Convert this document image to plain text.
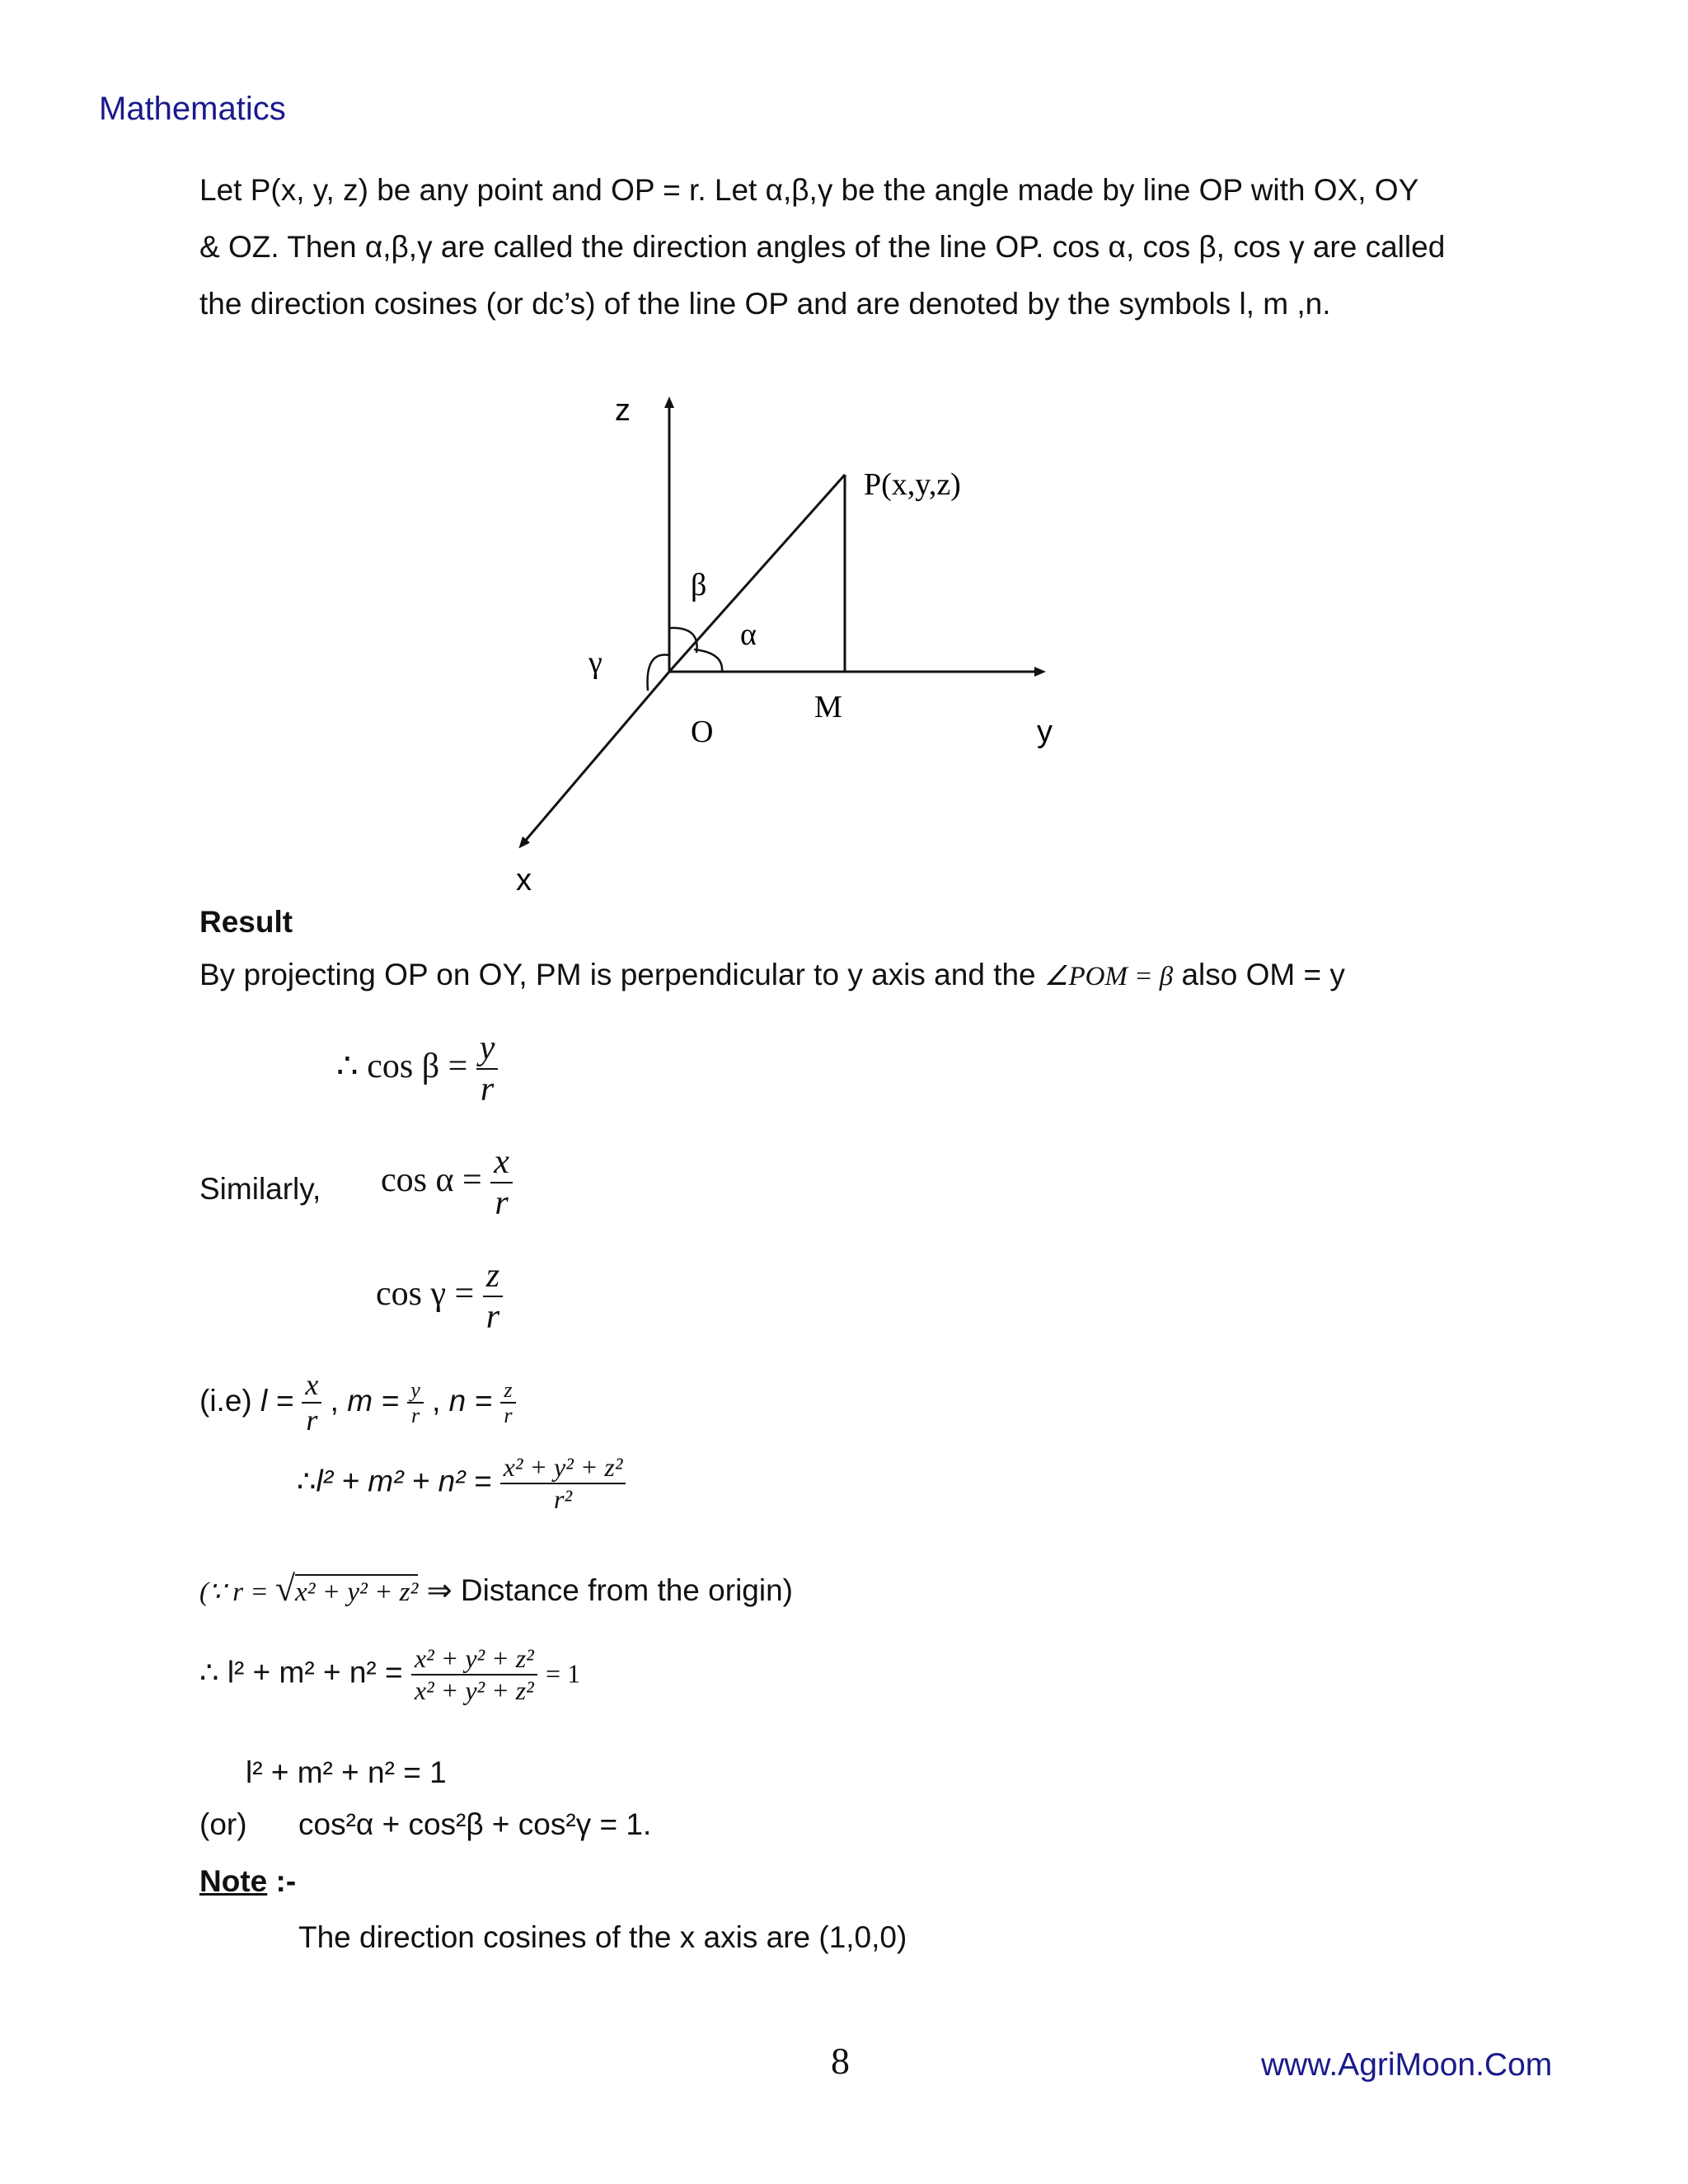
Mathematics
Let P(x, y, z) be any point and OP = r. Let α,β,γ be the angle made by line OP with OX, OY
& OZ. Then α,β,γ are called the direction angles of the line OP. cos α, cos β, cos γ are called
the direction cosines (or dc’s) of the line OP and are denoted by the symbols l, m ,n.
z
y
x
O
M
P(x,y,z)
β
α
γ
Result
By projecting OP on OY, PM is perpendicular to y axis and the ∠POM = β also OM = y
∴ $\cos \beta = \frac{y}{r}$
Similarly, $\cos \alpha = \frac{x}{r}$
$\cos \gamma = \frac{z}{r}$
(i.e) $l = \frac{x}{r}$ , $m = \frac{y}{r}$ , $n = \frac{z}{r}$
∴l² + $m^2 + n^2 = \frac{\text{x² + y² + z²}}{\text{r²}}$
(∵ r = √x² + y² + z² ⇒ Distance from the origin)
∴ $l^2 + m^2 + n^2 = \frac{\text{x² + y² + z²}}{\text{x² + y² + z²}} = 1$
l² + m² + n² = 1
(or) cos²α + cos²β + cos²γ = 1.
Note :-
The direction cosines of the x axis are (1,0,0)
8	www.AgriMoon.Com
